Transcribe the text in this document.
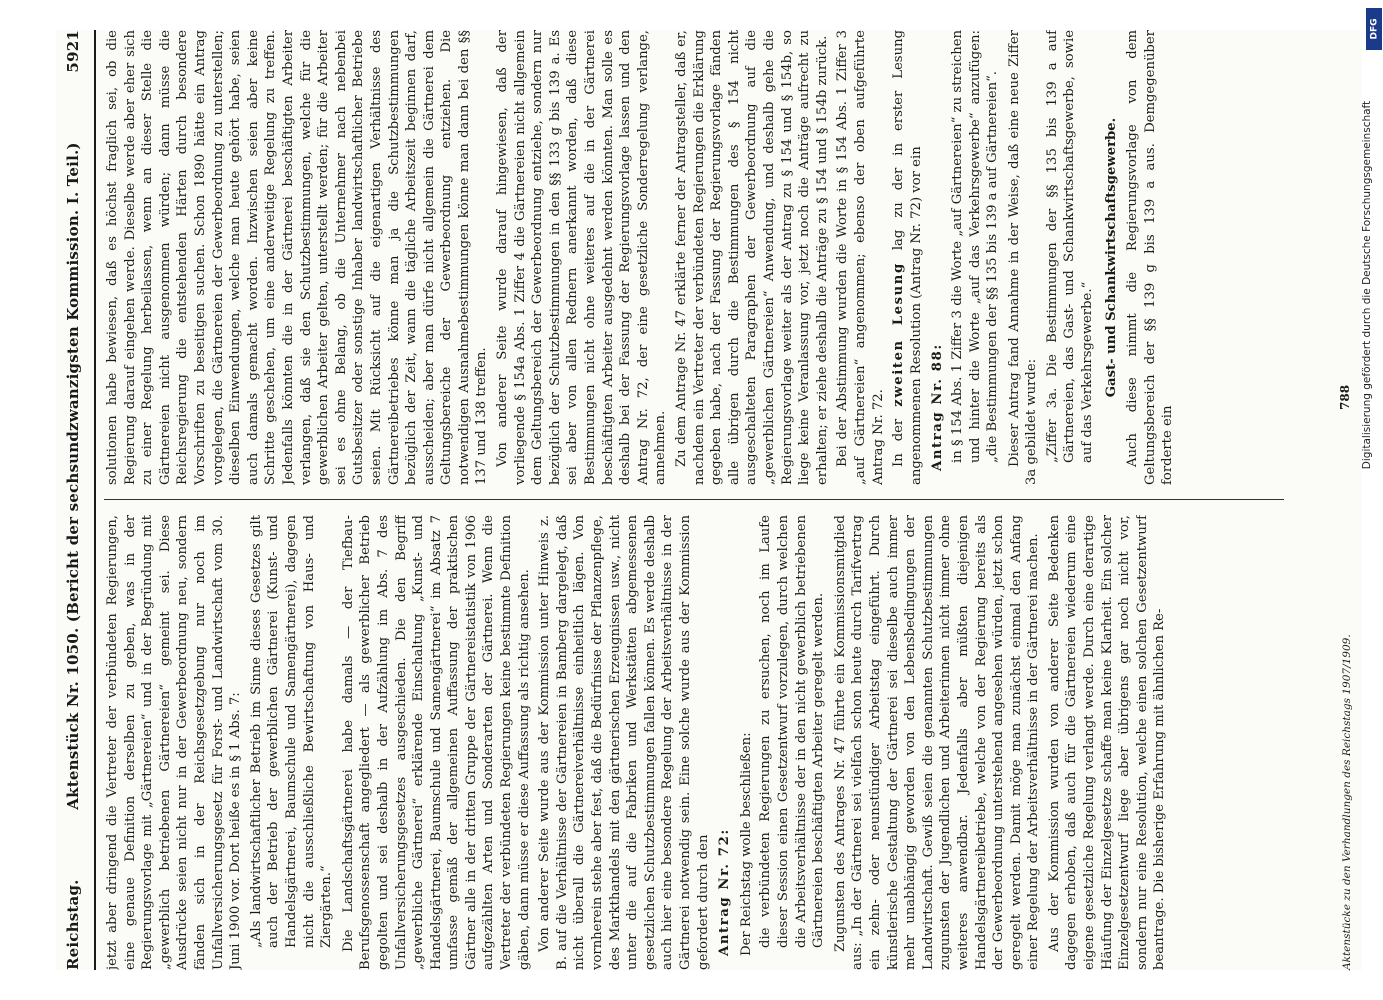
Reichstag.
Aktenstück Nr. 1050. (Bericht der sechsundzwanzigsten Kommission. I. Teil.)
5921

jetzt aber dringend die Vertreter der verbündeten Regierungen, eine genaue Definition derselben zu geben, was in der Regierungsvorlage mit „Gärtnereien“ und in der Begründung mit „gewerblich betriebenen Gärtnereien“ gemeint sei. Diese Ausdrücke seien nicht nur in der Gewerbeordnung neu, sondern fänden sich in der Reichsgesetzgebung nur noch im Unfallversicherungsgesetz für Forst- und Landwirtschaft vom 30. Juni 1900 vor. Dort heiße es in § 1 Abs. 7: „Als landwirtschaftlicher Betrieb im Sinne dieses Gesetzes gilt auch der Betrieb der gewerblichen Gärtnerei (Kunst- und Handelsgärtnerei, Baumschule und Samengärtnerei), dagegen nicht die ausschließliche Bewirtschaftung von Haus- und Ziergärten.“ Die Landschaftsgärtnerei habe damals — der Tiefbau-Berufsgenossenschaft angegliedert — als gewerblicher Betrieb gegolten und sei deshalb in der Aufzählung im Abs. 7 des Unfallversicherungsgesetzes ausgeschieden. Die den Begriff „gewerbliche Gärtnerei“ erklärende Einschaltung „Kunst- und Handelsgärtnerei, Baumschule und Samengärtnerei“ im Absatz 7 umfasse gemäß der allgemeinen Auffassung der praktischen Gärtner alle in der dritten Gruppe der Gärtnereistatistik von 1906 aufgezählten Arten und Sonderarten der Gärtnerei. Wenn die Vertreter der verbündeten Regierungen keine bestimmte Definition gäben, dann müsse er diese Auffassung als richtig ansehen. Von anderer Seite wurde aus der Kommission unter Hinweis z. B. auf die Verhältnisse der Gärtnereien in Bamberg dargelegt, daß nicht überall die Gärtnereiverhältnisse einheitlich lägen. Von vornherein stehe aber fest, daß die Bedürfnisse der Pflanzenpflege, des Markthandels mit den gärtnerischen Erzeugnissen usw., nicht unter die auf die Fabriken und Werkstätten abgemessenen gesetzlichen Schutzbestimmungen fallen können. Es werde deshalb auch hier eine besondere Regelung der Arbeitsverhältnisse in der Gärtnerei notwendig sein. Eine solche wurde aus der Kommission gefordert durch den Antrag Nr. 72: Der Reichstag wolle beschließen: die verbündeten Regierungen zu ersuchen, noch im Laufe dieser Session einen Gesetzentwurf vorzulegen, durch welchen die Arbeitsverhältnisse der in den nicht gewerblich betriebenen Gärtnereien beschäftigten Arbeiter geregelt werden. Zugunsten des Antrages Nr. 47 führte ein Kommissionsmitglied aus: „In der Gärtnerei sei vielfach schon heute durch Tarifvertrag ein zehn- oder neunstündiger Arbeitstag eingeführt. Durch künstlerische Gestaltung der Gärtnerei sei dieselbe auch immer mehr unabhängig geworden von den Lebensbedingungen der Landwirtschaft. Gewiß seien die genannten Schutzbestimmungen zugunsten der Jugendlichen und Arbeiterinnen nicht immer ohne weiteres anwendbar. Jedenfalls aber müßten diejenigen Handelsgärtnereibetriebe, welche von der Regierung bereits als der Gewerbeordnung unterstehend angesehen würden, jetzt schon geregelt werden. Damit möge man zunächst einmal den Anfang einer Regelung der Arbeitsverhältnisse in der Gärtnerei machen. Aus der Kommission wurden von anderer Seite Bedenken dagegen erhoben, daß auch für die Gärtnereien wiederum eine eigene gesetzliche Regelung verlangt werde. Durch eine derartige Häufung der Einzelgesetze schaffe man keine Klarheit. Ein solcher Einzelgesetzentwurf liege aber übrigens gar noch nicht vor, sondern nur eine Resolution, welche einen solchen Gesetzentwurf beantrage. Die bisherige Erfahrung mit ähnlichen Re-

solutionen habe bewiesen, daß es höchst fraglich sei, ob die Regierung darauf eingehen werde. Dieselbe werde aber eher sich zu einer Regelung herbeilassen, wenn an dieser Stelle die Gärtnereien nicht ausgenommen würden; dann müsse die Reichsregierung die entstehenden Härten durch besondere Vorschriften zu beseitigen suchen. Schon 1890 hätte ein Antrag vorgelegen, die Gärtnereien der Gewerbeordnung zu unterstellen; dieselben Einwendungen, welche man heute gehört habe, seien auch damals gemacht worden. Inzwischen seien aber keine Schritte geschehen, um eine anderweitige Regelung zu treffen. Jedenfalls könnten die in der Gärtnerei beschäftigten Arbeiter verlangen, daß sie den Schutzbestimmungen, welche für die gewerblichen Arbeiter gelten, unterstellt werden; für die Arbeiter sei es ohne Belang, ob die Unternehmer nach nebenbei Gutsbesitzer oder sonstige Inhaber landwirtschaftlicher Betriebe seien. Mit Rücksicht auf die eigenartigen Verhältnisse des Gärtnereibetriebes könne man ja die Schutzbestimmungen bezüglich der Zeit, wann die tägliche Arbeitszeit beginnen darf, ausscheiden; aber man dürfe nicht allgemein die Gärtnerei dem Geltungsbereiche der Gewerbeordnung entziehen. Die notwendigen Ausnahmebestimmungen könne man dann bei den §§ 137 und 138 treffen. Von anderer Seite wurde darauf hingewiesen, daß der vorliegende § 154a Abs. 1 Ziffer 4 die Gärtnereien nicht allgemein dem Geltungsbereich der Gewerbeordnung entziehe, sondern nur bezüglich der Schutzbestimmungen in den §§ 133 g bis 139 a. Es sei aber von allen Rednern anerkannt worden, daß diese Bestimmungen nicht ohne weiteres auf die in der Gärtnerei beschäftigten Arbeiter ausgedehnt werden könnten. Man solle es deshalb bei der Fassung der Regierungsvorlage lassen und den Antrag Nr. 72, der eine gesetzliche Sonderregelung verlange, annehmen. Zu dem Antrage Nr. 47 erklärte ferner der Antragsteller, daß er, nachdem ein Vertreter der verbündeten Regierungen die Erklärung gegeben habe, nach der Fassung der Regierungsvorlage fänden alle übrigen durch die Bestimmungen des § 154 nicht ausgeschalteten Paragraphen der Gewerbeordnung auf die „gewerblichen Gärtnereien“ Anwendung, und deshalb gehe die Regierungsvorlage weiter als der Antrag zu § 154 und § 154b, so liege keine Veranlassung vor, jetzt noch die Anträge aufrecht zu erhalten; er ziehe deshalb die Anträge zu § 154 und § 154b zurück. Bei der Abstimmung wurden die Worte in § 154 Abs. 1 Ziffer 3 „auf Gärtnereien“ angenommen; ebenso der oben aufgeführte Antrag Nr. 72. In der zweiten Lesung lag zu der in erster Lesung angenommenen Resolution (Antrag Nr. 72) vor ein Antrag Nr. 88: in § 154 Abs. 1 Ziffer 3 die Worte „auf Gärtnereien“ zu streichen und hinter die Worte „auf das Verkehrsgewerbe“ anzufügen: „die Bestimmungen der §§ 135 bis 139 a auf Gärtnereien“. Dieser Antrag fand Annahme in der Weise, daß eine neue Ziffer 3a gebildet wurde: „Ziffer 3a. Die Bestimmungen der §§ 135 bis 139 a auf Gärtnereien, das Gast- und Schankwirtschaftsgewerbe, sowie auf das Verkehrsgewerbe.“ Gast- und Schankwirtschaftsgewerbe. Auch diese nimmt die Regierungsvorlage von dem Geltungsbereich der §§ 139 g bis 139 a aus. Demgegenüber forderte ein

Aktenstücke zu den Verhandlungen des Reichstags 1907/1909.
788
DFG
Digitalisierung gefördert durch die Deutsche Forschungsgemeinschaft
